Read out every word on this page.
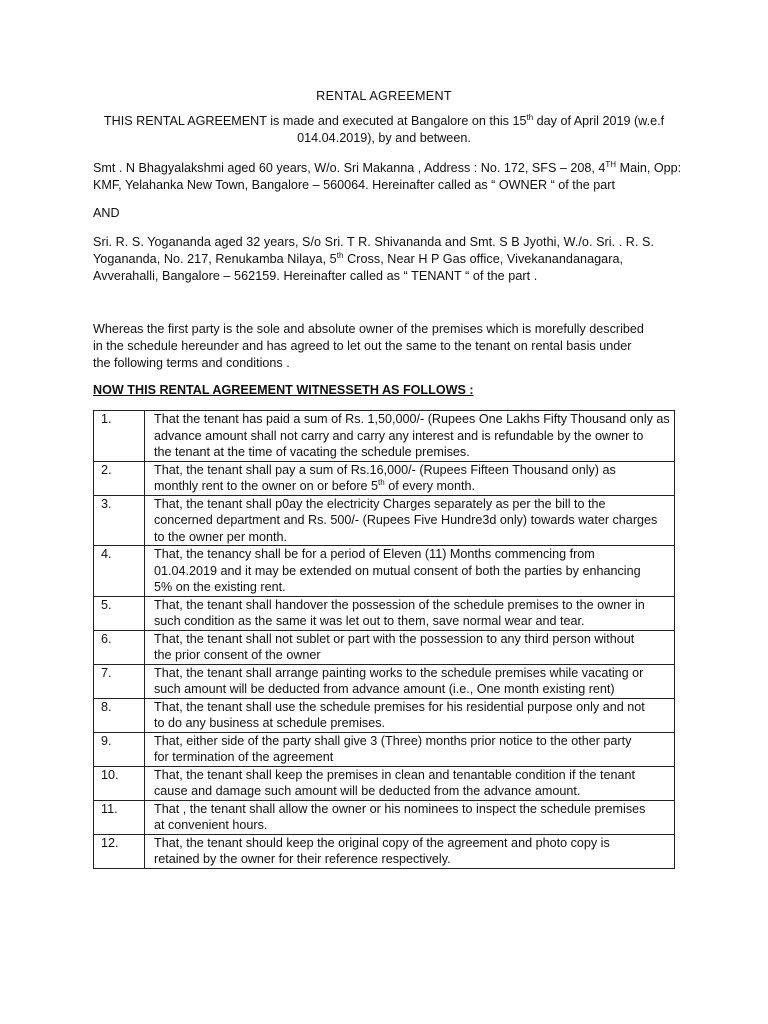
RENTAL AGREEMENT
THIS RENTAL AGREEMENT is made and executed at Bangalore on this 15th day of April 2019 (w.e.f
014.04.2019), by and between.
Smt . N Bhagyalakshmi aged 60 years, W/o. Sri Makanna , Address : No. 172, SFS – 208, 4TH Main, Opp:
KMF, Yelahanka New Town, Bangalore – 560064. Hereinafter called as “ OWNER “ of the part
AND
Sri. R. S. Yogananda aged 32 years, S/o Sri. T R. Shivananda and Smt. S B Jyothi, W./o. Sri. . R. S.
Yogananda, No. 217, Renukamba Nilaya, 5th Cross, Near H P Gas office, Vivekanandanagara,
Avverahalli, Bangalore – 562159. Hereinafter called as “ TENANT “ of the part .
Whereas the first party is the sole and absolute owner of the premises which is morefully described
in the schedule hereunder and has agreed to let out the same to the tenant on rental basis under
the following terms and conditions .
NOW THIS RENTAL AGREEMENT WITNESSETH AS FOLLOWS :
1.	That the tenant has paid a sum of Rs. 1,50,000/- (Rupees One Lakhs Fifty Thousand only as
advance amount shall not carry and carry any interest and is refundable by the owner to
the tenant at the time of vacating the schedule premises.

2.	That, the tenant shall pay a sum of Rs.16,000/- (Rupees Fifteen Thousand only) as
monthly rent to the owner on or before 5th of every month.

3.	That, the tenant shall p0ay the electricity Charges separately as per the bill to the
concerned department and Rs. 500/- (Rupees Five Hundre3d only) towards water charges
to the owner per month.

4.	That, the tenancy shall be for a period of Eleven (11) Months commencing from
01.04.2019 and it may be extended on mutual consent of both the parties by enhancing
5% on the existing rent.

5.	That, the tenant shall handover the possession of the schedule premises to the owner in
such condition as the same it was let out to them, save normal wear and tear.

6.	That, the tenant shall not sublet or part with the possession to any third person without
the prior consent of the owner

7.	That, the tenant shall arrange painting works to the schedule premises while vacating or
such amount will be deducted from advance amount (i.e., One month existing rent)

8.	That, the tenant shall use the schedule premises for his residential purpose only and not
to do any business at schedule premises.

9.	That, either side of the party shall give 3 (Three) months prior notice to the other party
for termination of the agreement

10.	That, the tenant shall keep the premises in clean and tenantable condition if the tenant
cause and damage such amount will be deducted from the advance amount.

11.	That , the tenant shall allow the owner or his nominees to inspect the schedule premises
at convenient hours.

12.	That, the tenant should keep the original copy of the agreement and photo copy is
retained by the owner for their reference respectively.
